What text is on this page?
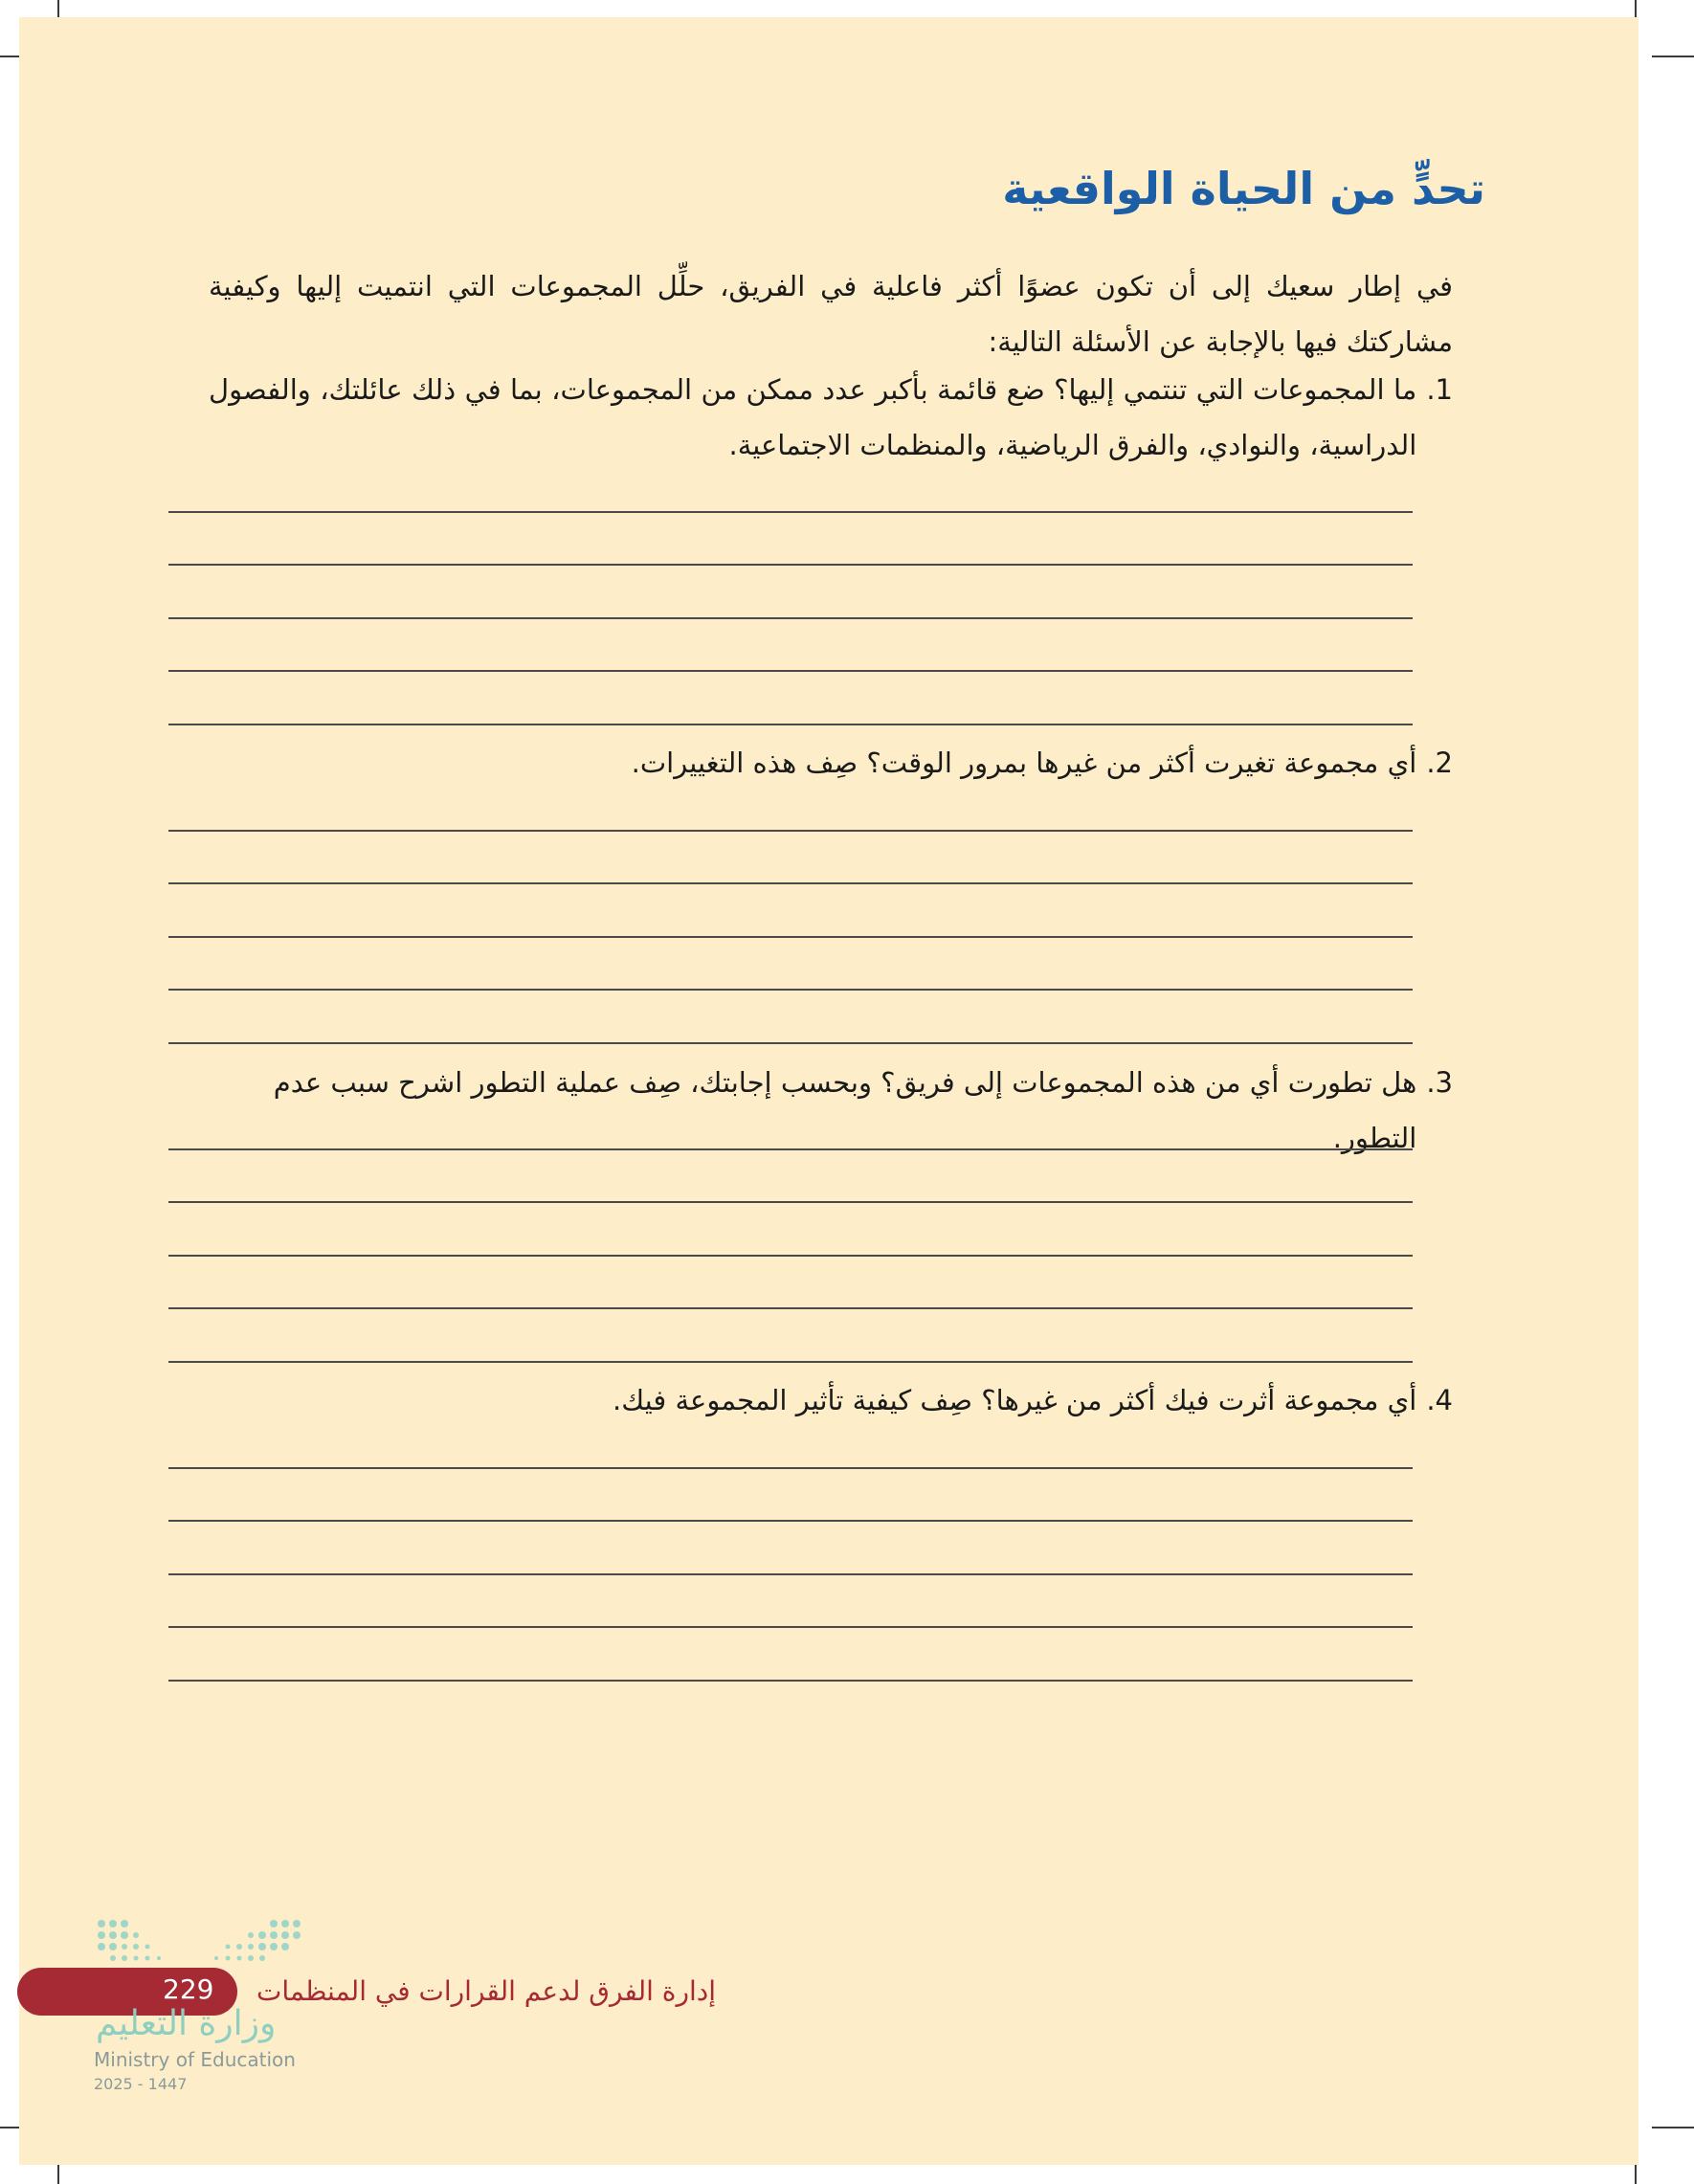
تحدٍّ من الحياة الواقعية

في إطار سعيك إلى أن تكون عضوًا أكثر فاعلية في الفريق، حلِّل المجموعات التي انتميت إليها وكيفية مشاركتك فيها بالإجابة عن الأسئلة التالية:

1.
ما المجموعات التي تنتمي إليها؟ ضع قائمة بأكبر عدد ممكن من المجموعات، بما في ذلك عائلتك، والفصول الدراسية، والنوادي، والفرق الرياضية، والمنظمات الاجتماعية.
2.
أي مجموعة تغيرت أكثر من غيرها بمرور الوقت؟ صِف هذه التغييرات.
3.
هل تطورت أي من هذه المجموعات إلى فريق؟ وبحسب إجابتك، صِف عملية التطور اشرح سبب عدم التطور.
4.
أي مجموعة أثرت فيك أكثر من غيرها؟ صِف كيفية تأثير المجموعة فيك.
229 إدارة الفرق لدعم القرارات في المنظمات
وزارة التعليم
Ministry of Education
2025 - 1447
